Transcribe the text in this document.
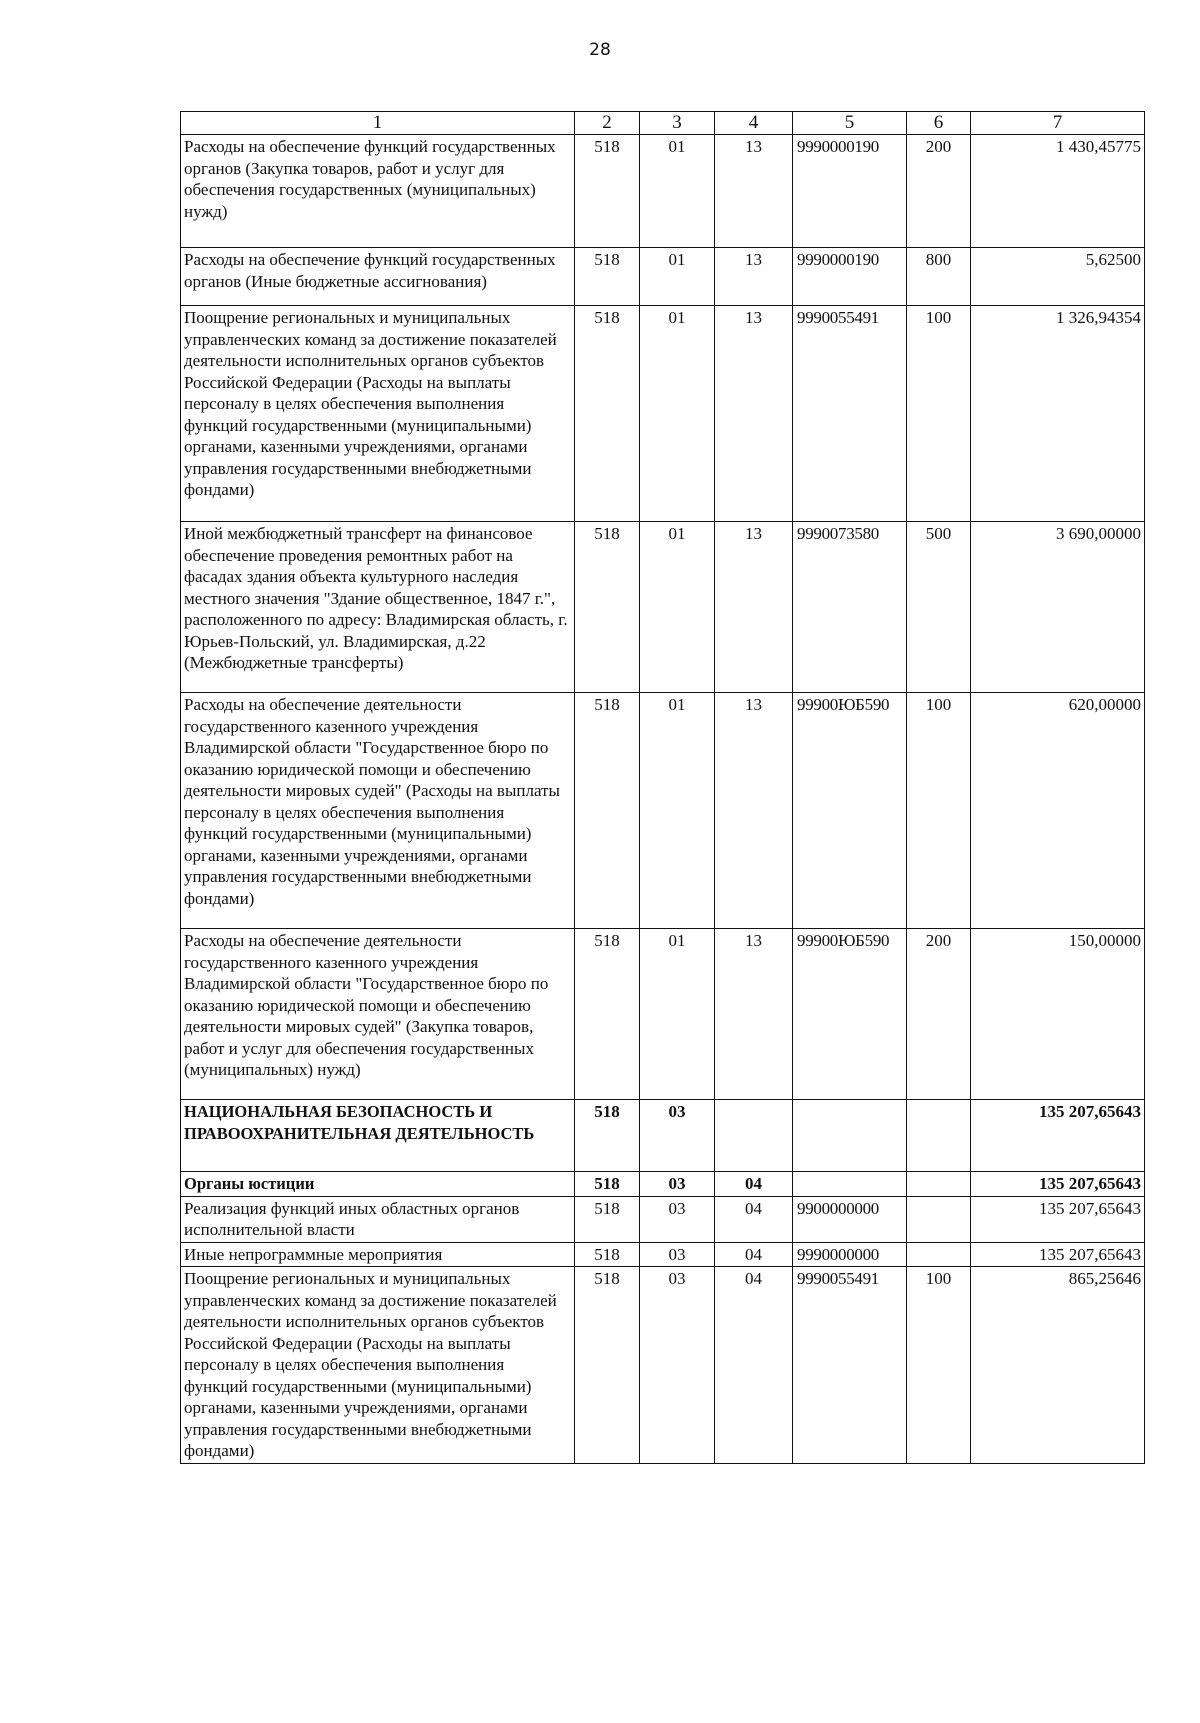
28
1	2	3	4	5	6	7
Расходы на обеспечение функций государственных органов (Закупка товаров, работ и услуг для обеспечения государственных (муниципальных) нужд)	518	01	13	9990000190	200	1 430,45775
Расходы на обеспечение функций государственных органов (Иные бюджетные ассигнования)	518	01	13	9990000190	800	5,62500
Поощрение региональных и муниципальных управленческих команд за достижение показателей деятельности исполнительных органов субъектов Российской Федерации (Расходы на выплаты персоналу в целях обеспечения выполнения функций государственными (муниципальными) органами, казенными учреждениями, органами управления государственными внебюджетными фондами)	518	01	13	9990055491	100	1 326,94354
Иной межбюджетный трансферт на финансовое обеспечение проведения ремонтных работ на фасадах здания объекта культурного наследия местного значения "Здание общественное, 1847 г.", расположенного по адресу: Владимирская область, г. Юрьев-Польский, ул. Владимирская, д.22 (Межбюджетные трансферты)	518	01	13	9990073580	500	3 690,00000
Расходы на обеспечение деятельности государственного казенного учреждения Владимирской области "Государственное бюро по оказанию юридической помощи и обеспечению деятельности мировых судей" (Расходы на выплаты персоналу в целях обеспечения выполнения функций государственными (муниципальными) органами, казенными учреждениями, органами управления государственными внебюджетными фондами)	518	01	13	99900ЮБ590	100	620,00000
Расходы на обеспечение деятельности государственного казенного учреждения Владимирской области "Государственное бюро по оказанию юридической помощи и обеспечению деятельности мировых судей" (Закупка товаров, работ и услуг для обеспечения государственных (муниципальных) нужд)	518	01	13	99900ЮБ590	200	150,00000
НАЦИОНАЛЬНАЯ БЕЗОПАСНОСТЬ И ПРАВООХРАНИТЕЛЬНАЯ ДЕЯТЕЛЬНОСТЬ	518	03				135 207,65643
Органы юстиции	518	03	04			135 207,65643
Реализация функций иных областных органов исполнительной власти	518	03	04	9900000000		135 207,65643
Иные непрограммные мероприятия	518	03	04	9990000000		135 207,65643
Поощрение региональных и муниципальных управленческих команд за достижение показателей деятельности исполнительных органов субъектов Российской Федерации (Расходы на выплаты персоналу в целях обеспечения выполнения функций государственными (муниципальными) органами, казенными учреждениями, органами управления государственными внебюджетными фондами)	518	03	04	9990055491	100	865,25646
